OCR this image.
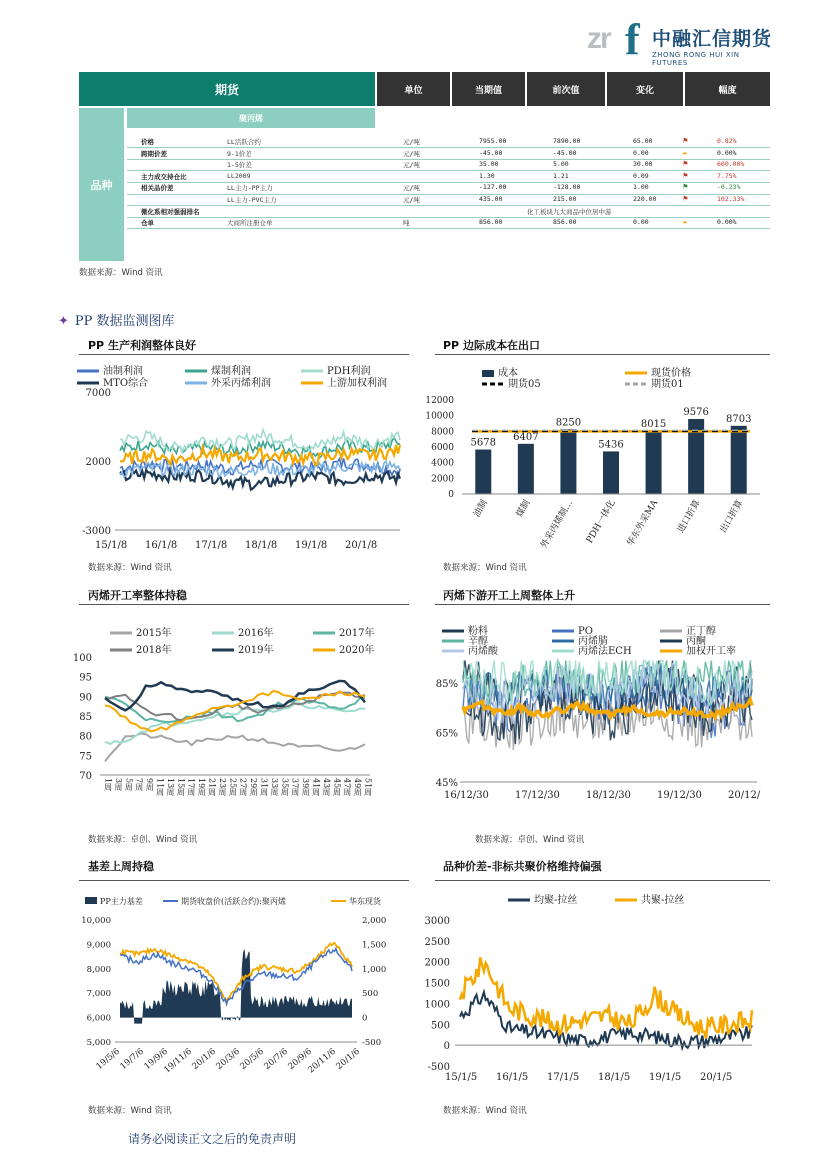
zr f 中融汇信期货
ZHONG RONG HUI XIN FUTURES
期货	单位	当期值	前次值	变化	幅度
品种
聚丙烯
价格	LL活跃合约	元/吨	7955.00	7890.00	65.00	⚑	0.82%
跨期价差	9-1价差	元/吨	-45.00	-45.00	0.00	▬	0.00%
1-5价差	元/吨	35.00	5.00	30.00	⚑	600.00%
主力成交持仓比	LL2009	1.30	1.21	0.09	⚑	7.75%
相关品价差	LL主力-PP主力	元/吨	-127.00	-128.00	1.00	⚑	-0.23%
LL主力-PVC主力	元/吨	435.00	215.00	220.00	⚑	102.33%
微化系相对强弱排名	化工板块九大商品中位居中游
仓单	大商所注册仓单	吨	856.00	856.00	0.00	▬	0.00%
数据来源：Wind 资讯
✦ PP 数据监测图库
PP 生产利润整体良好	PP 边际成本在出口
丙烯开工率整体持稳	丙烯下游开工上周整体上升
基差上周持稳	品种价差-非标共聚价格维持偏强
油制利润	煤制利润	PDH利润
MTO综合	外采丙烯利润	上游加权利润
7000
2000
-3000
15/1/8 16/1/8 17/1/8 18/1/8 19/1/8 20/1/8
成本	现货价格
期货05	期货01
12000
10000
8000
6000
4000
2000
0
5678
油制
6407
煤制
8250
外采丙烯制…
5436
PDH一体化
8015
华东外采MA
9576
进口折算
8703
出口折算
2015年	2016年	2017年
2018年	2019年	2020年
100
95
90
85
80
75
70
1周 3周 5周 7周 9周 11周 13周 15周 17周 19周 21周 23周 25周 27周 29周 31周 33周 35周 37周 39周 41周 43周 45周 47周 49周 51周
粉料	PO	正丁醇
辛醇	丙烯腈	丙酮
丙烯酸	丙烯法ECH	加权开工率
85%
65%
45%
16/12/30	17/12/30	18/12/30	19/12/30	20/12/
PP主力基差	期货收盘价(活跃合约):聚丙烯	华东现货
10,000
9,000
8,000
7,000
6,000
5,000
2,000
1,500
1,000
500
0
-500
19/5/6
19/7/6
19/9/6
19/11/6
20/1/6
20/3/6
20/5/6
20/7/6
20/9/6
20/11/6
20/1/6
均聚-拉丝	共聚-拉丝
3000
2500
2000
1500
1000
500
0
-500
15/1/5 16/1/5 17/1/5 18/1/5 19/1/5 20/1/5
数据来源：Wind 资讯	数据来源：Wind 资讯
数据来源：卓创、Wind 资讯	数据来源：卓创、Wind 资讯
数据来源：Wind 资讯	数据来源：Wind 资讯
请务必阅读正文之后的免责声明
